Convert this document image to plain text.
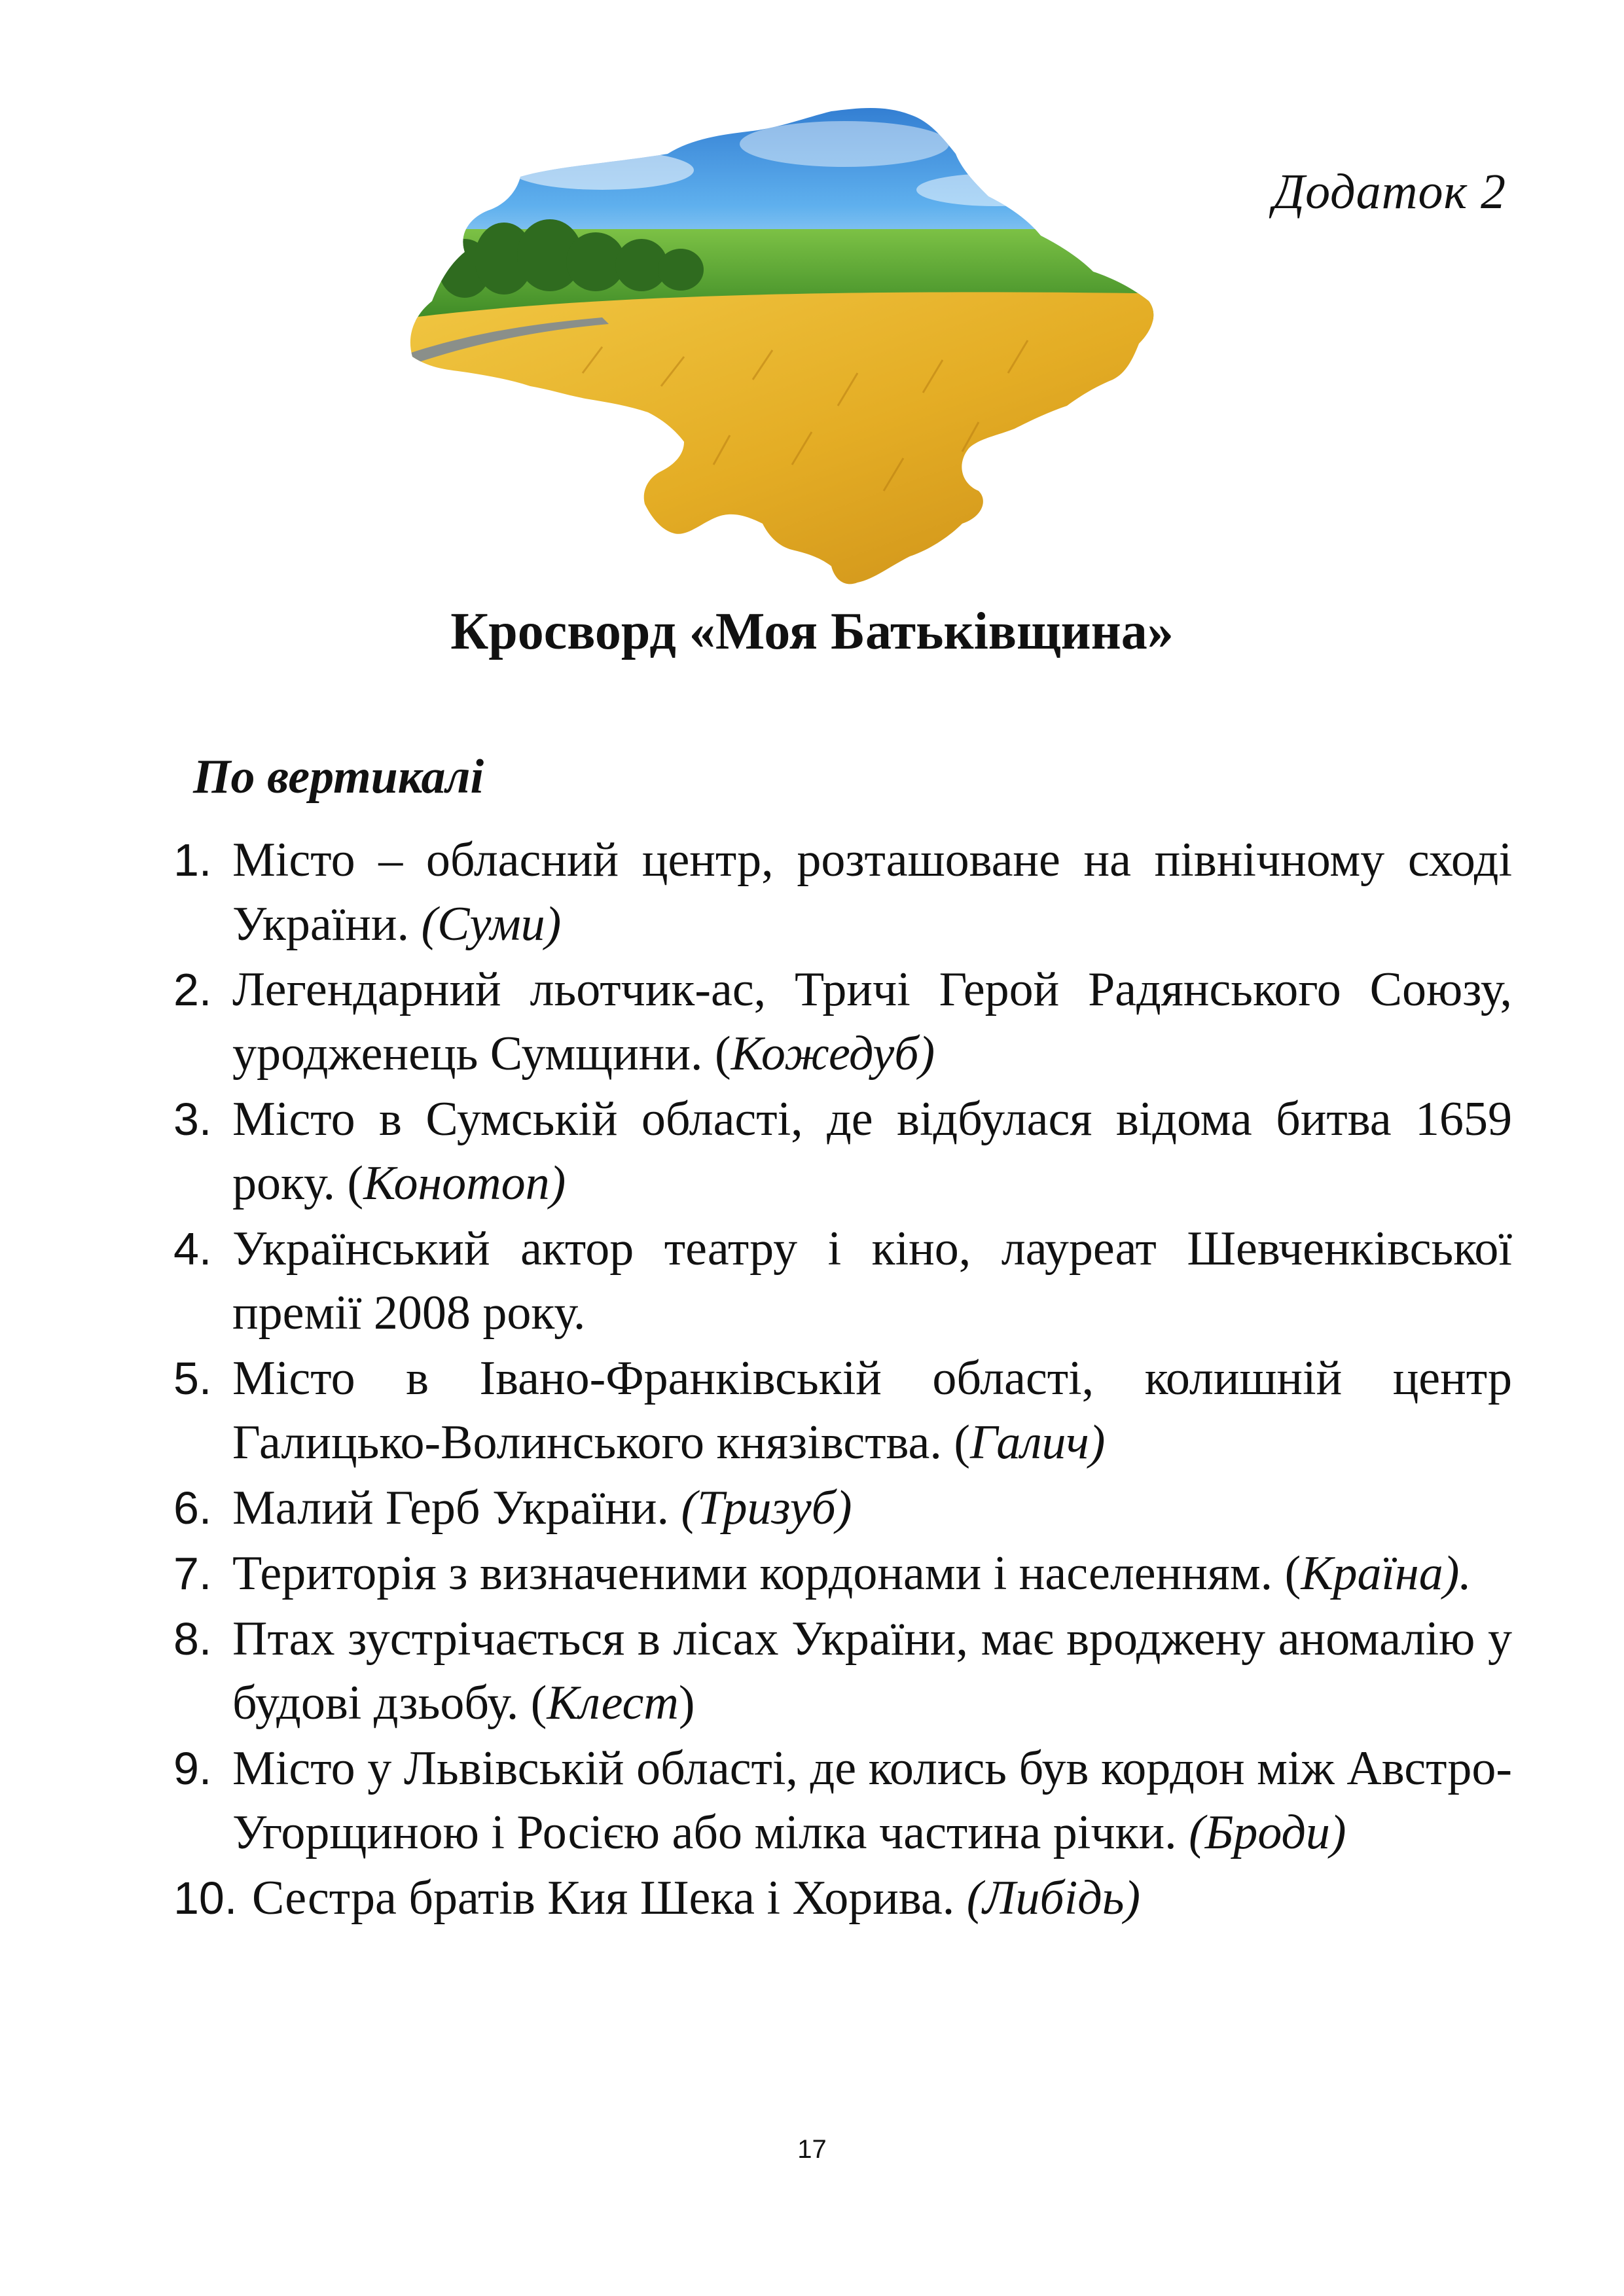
Додаток 2
Кросворд «Моя Батьківщина»
По вертикалі
1. Місто – обласний центр, розташоване на північному сході України. (Суми)
2. Легендарний льотчик-ас, Тричі Герой Радянського Союзу, уродженець Сумщини. (Кожедуб)
3. Місто в Сумській області, де відбулася відома битва 1659 року. (Конотоп)
4. Український актор театру і кіно, лауреат Шевченківської премії 2008 року.
5. Місто в Івано-Франківській області, колишній центр Галицько-Волинського князівства. (Галич)
6. Малий Герб України. (Тризуб)
7. Територія з визначеними кордонами і населенням. (Країна).
8. Птах зустрічається в лісах України, має вроджену аномалію у будові дзьобу. (Клест)
9. Місто у Львівській області, де колись був кордон між Австро-Угорщиною і Росією або мілка частина річки. (Броди)
10. Сестра братів Кия Шека і Хорива. (Либідь)
17
